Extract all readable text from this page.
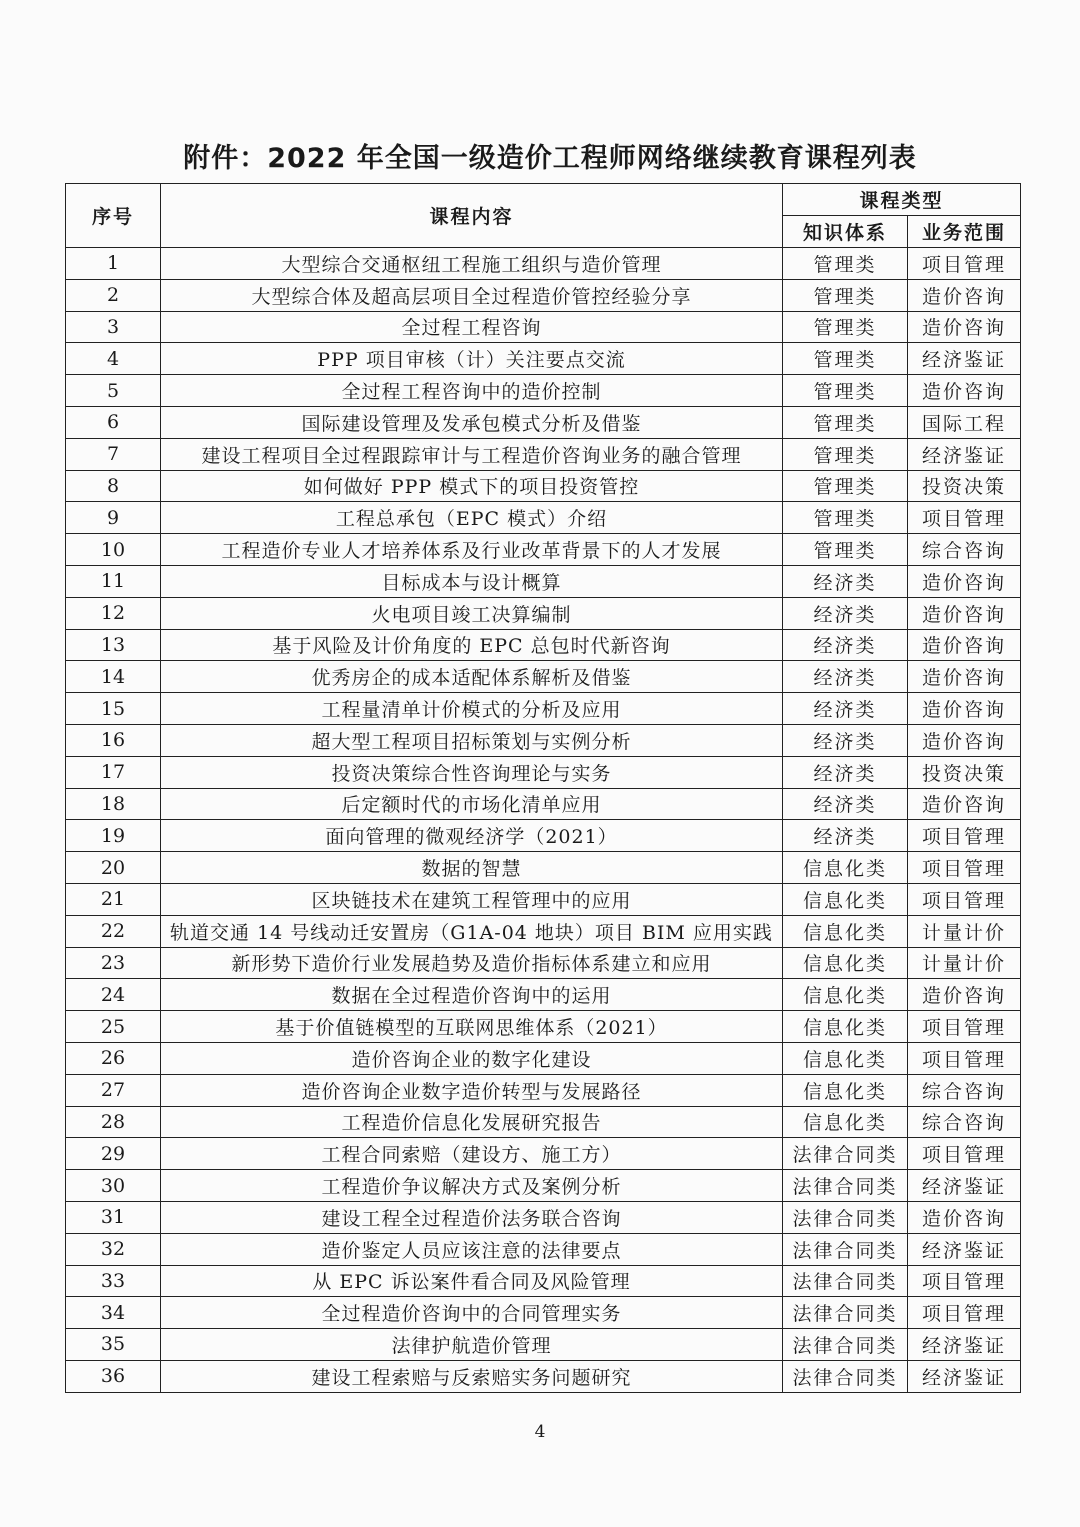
附件：2022 年全国一级造价工程师网络继续教育课程列表
序号	课程内容	课程类型	
		知识体系	业务范围
1	大型综合交通枢纽工程施工组织与造价管理	管理类	项目管理
2	大型综合体及超高层项目全过程造价管控经验分享	管理类	造价咨询
3	全过程工程咨询	管理类	造价咨询
4	PPP 项目审核（计）关注要点交流	管理类	经济鉴证
5	全过程工程咨询中的造价控制	管理类	造价咨询
6	国际建设管理及发承包模式分析及借鉴	管理类	国际工程
7	建设工程项目全过程跟踪审计与工程造价咨询业务的融合管理	管理类	经济鉴证
8	如何做好 PPP 模式下的项目投资管控	管理类	投资决策
9	工程总承包（EPC 模式）介绍	管理类	项目管理
10	工程造价专业人才培养体系及行业改革背景下的人才发展	管理类	综合咨询
11	目标成本与设计概算	经济类	造价咨询
12	火电项目竣工决算编制	经济类	造价咨询
13	基于风险及计价角度的 EPC 总包时代新咨询	经济类	造价咨询
14	优秀房企的成本适配体系解析及借鉴	经济类	造价咨询
15	工程量清单计价模式的分析及应用	经济类	造价咨询
16	超大型工程项目招标策划与实例分析	经济类	造价咨询
17	投资决策综合性咨询理论与实务	经济类	投资决策
18	后定额时代的市场化清单应用	经济类	造价咨询
19	面向管理的微观经济学（2021）	经济类	项目管理
20	数据的智慧	信息化类	项目管理
21	区块链技术在建筑工程管理中的应用	信息化类	项目管理
22	轨道交通 14 号线动迁安置房（G1A-04 地块）项目 BIM 应用实践	信息化类	计量计价
23	新形势下造价行业发展趋势及造价指标体系建立和应用	信息化类	计量计价
24	数据在全过程造价咨询中的运用	信息化类	造价咨询
25	基于价值链模型的互联网思维体系（2021）	信息化类	项目管理
26	造价咨询企业的数字化建设	信息化类	项目管理
27	造价咨询企业数字造价转型与发展路径	信息化类	综合咨询
28	工程造价信息化发展研究报告	信息化类	综合咨询
29	工程合同索赔（建设方、施工方）	法律合同类	项目管理
30	工程造价争议解决方式及案例分析	法律合同类	经济鉴证
31	建设工程全过程造价法务联合咨询	法律合同类	造价咨询
32	造价鉴定人员应该注意的法律要点	法律合同类	经济鉴证
33	从 EPC 诉讼案件看合同及风险管理	法律合同类	项目管理
34	全过程造价咨询中的合同管理实务	法律合同类	项目管理
35	法律护航造价管理	法律合同类	经济鉴证
36	建设工程索赔与反索赔实务问题研究	法律合同类	经济鉴证
4
